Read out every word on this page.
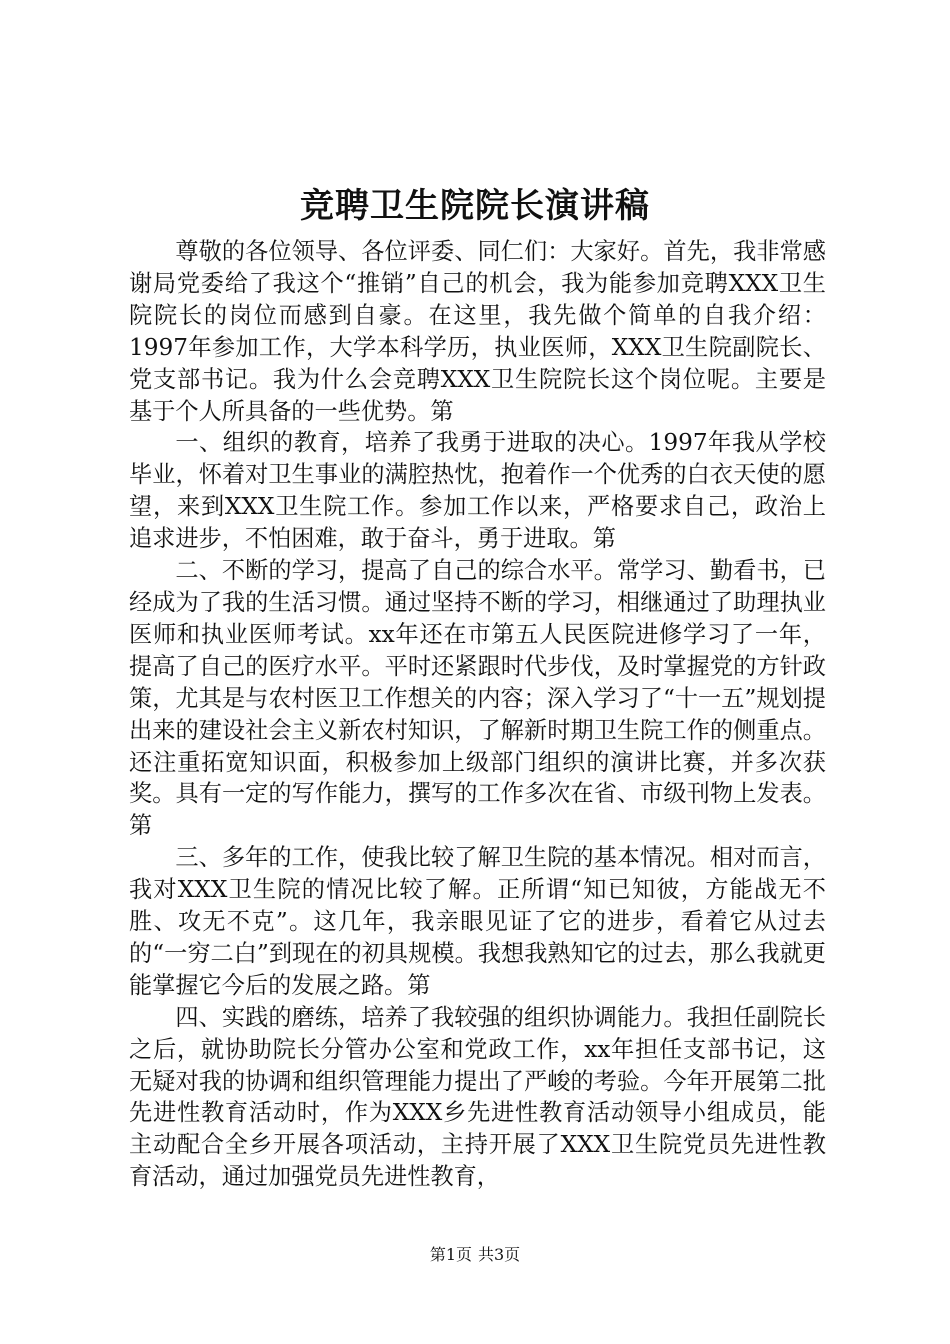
竞聘卫生院院长演讲稿

尊敬的各位领导、各位评委、同仁们：大家好。首先，我非常感谢局党委给了我这个“推销”自己的机会，我为能参加竞聘XXX卫生院院长的岗位而感到自豪。在这里，我先做个简单的自我介绍：1997年参加工作，大学本科学历，执业医师，XXX卫生院副院长、党支部书记。我为什么会竞聘XXX卫生院院长这个岗位呢。主要是基于个人所具备的一些优势。第

一、组织的教育，培养了我勇于进取的决心。1997年我从学校毕业，怀着对卫生事业的满腔热忱，抱着作一个优秀的白衣天使的愿望，来到XXX卫生院工作。参加工作以来，严格要求自己，政治上追求进步，不怕困难，敢于奋斗，勇于进取。第

二、不断的学习，提高了自己的综合水平。常学习、勤看书，已经成为了我的生活习惯。通过坚持不断的学习，相继通过了助理执业医师和执业医师考试。xx年还在市第五人民医院进修学习了一年，提高了自己的医疗水平。平时还紧跟时代步伐，及时掌握党的方针政策，尤其是与农村医卫工作想关的内容；深入学习了“十一五”规划提出来的建设社会主义新农村知识，了解新时期卫生院工作的侧重点。还注重拓宽知识面，积极参加上级部门组织的演讲比赛，并多次获奖。具有一定的写作能力，撰写的工作多次在省、市级刊物上发表。第

三、多年的工作，使我比较了解卫生院的基本情况。相对而言，我对XXX卫生院的情况比较了解。正所谓“知已知彼，方能战无不胜、攻无不克”。这几年，我亲眼见证了它的进步，看着它从过去的“一穷二白”到现在的初具规模。我想我熟知它的过去，那么我就更能掌握它今后的发展之路。第

四、实践的磨练，培养了我较强的组织协调能力。我担任副院长之后，就协助院长分管办公室和党政工作，xx年担任支部书记，这无疑对我的协调和组织管理能力提出了严峻的考验。今年开展第二批先进性教育活动时，作为XXX乡先进性教育活动领导小组成员，能主动配合全乡开展各项活动，主持开展了XXX卫生院党员先进性教育活动，通过加强党员先进性教育，

第1页 共3页
